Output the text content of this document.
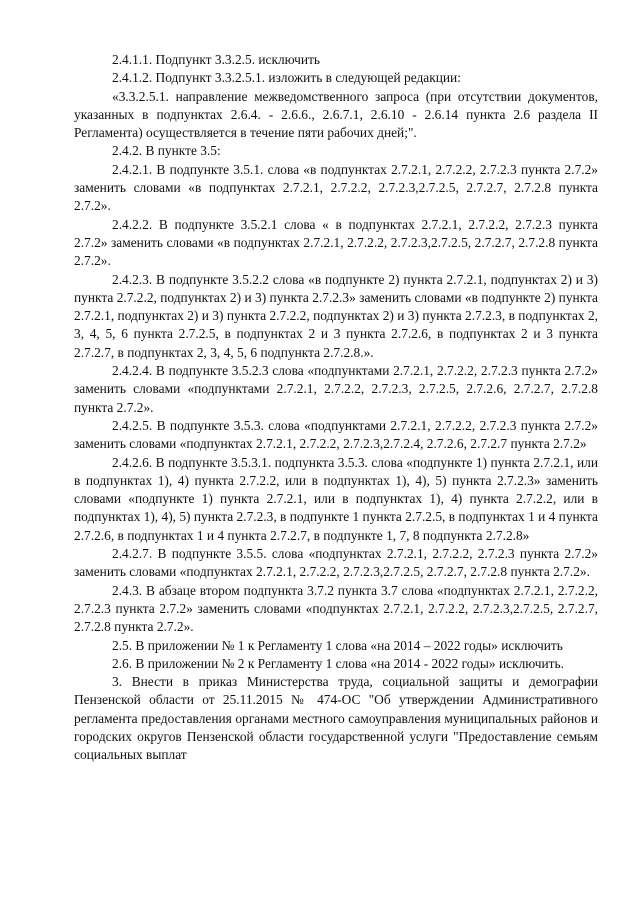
2.4.1.1. Подпункт 3.3.2.5. исключить

2.4.1.2. Подпункт 3.3.2.5.1. изложить в следующей редакции:

«3.3.2.5.1. направление межведомственного запроса (при отсутствии документов, указанных в подпунктах 2.6.4. - 2.6.6., 2.6.7.1, 2.6.10 - 2.6.14 пункта 2.6 раздела II Регламента) осуществляется в течение пяти рабочих дней;".

2.4.2. В пункте 3.5:

2.4.2.1. В подпункте 3.5.1. слова «в подпунктах 2.7.2.1, 2.7.2.2, 2.7.2.3 пункта 2.7.2» заменить словами «в подпунктах 2.7.2.1, 2.7.2.2, 2.7.2.3,2.7.2.5, 2.7.2.7, 2.7.2.8 пункта 2.7.2».

2.4.2.2. В подпункте 3.5.2.1 слова « в подпунктах 2.7.2.1, 2.7.2.2, 2.7.2.3 пункта 2.7.2» заменить словами «в подпунктах 2.7.2.1, 2.7.2.2, 2.7.2.3,2.7.2.5, 2.7.2.7, 2.7.2.8 пункта 2.7.2».

2.4.2.3. В подпункте 3.5.2.2 слова «в подпункте 2) пункта 2.7.2.1, подпунктах 2) и 3) пункта 2.7.2.2, подпунктах 2) и 3) пункта 2.7.2.3» заменить словами «в подпункте 2) пункта 2.7.2.1, подпунктах 2) и 3) пункта 2.7.2.2, подпунктах 2) и 3) пункта 2.7.2.3, в подпунктах 2, 3, 4, 5, 6 пункта 2.7.2.5, в подпунктах 2 и 3 пункта 2.7.2.6, в подпунктах 2 и 3 пункта 2.7.2.7, в подпунктах 2, 3, 4, 5, 6 подпункта 2.7.2.8.».

2.4.2.4. В подпункте 3.5.2.3 слова «подпунктами 2.7.2.1, 2.7.2.2, 2.7.2.3 пункта 2.7.2» заменить словами «подпунктами 2.7.2.1, 2.7.2.2, 2.7.2.3, 2.7.2.5, 2.7.2.6, 2.7.2.7, 2.7.2.8 пункта 2.7.2».

2.4.2.5. В подпункте 3.5.3. слова «подпунктами 2.7.2.1, 2.7.2.2, 2.7.2.3 пункта 2.7.2» заменить словами «подпунктах 2.7.2.1, 2.7.2.2, 2.7.2.3,2.7.2.4, 2.7.2.6, 2.7.2.7 пункта 2.7.2»

2.4.2.6. В подпункте 3.5.3.1. подпункта 3.5.3. слова «подпункте 1) пункта 2.7.2.1, или в подпунктах 1), 4) пункта 2.7.2.2, или в подпунктах 1), 4), 5) пункта 2.7.2.3» заменить словами «подпункте 1) пункта 2.7.2.1, или в подпунктах 1), 4) пункта 2.7.2.2, или в подпунктах 1), 4), 5) пункта 2.7.2.3, в подпункте 1 пункта 2.7.2.5, в подпунктах 1 и 4 пункта 2.7.2.6, в подпунктах 1 и 4 пункта 2.7.2.7, в подпункте 1, 7, 8 подпункта 2.7.2.8»

2.4.2.7. В подпункте 3.5.5. слова «подпунктах 2.7.2.1, 2.7.2.2, 2.7.2.3 пункта 2.7.2» заменить словами «подпунктах 2.7.2.1, 2.7.2.2, 2.7.2.3,2.7.2.5, 2.7.2.7, 2.7.2.8 пункта 2.7.2».

2.4.3. В абзаце втором подпункта 3.7.2 пункта 3.7 слова «подпунктах 2.7.2.1, 2.7.2.2, 2.7.2.3 пункта 2.7.2» заменить словами «подпунктах 2.7.2.1, 2.7.2.2, 2.7.2.3,2.7.2.5, 2.7.2.7, 2.7.2.8 пункта 2.7.2».

2.5. В приложении № 1 к Регламенту 1 слова «на 2014 – 2022 годы» исключить

2.6. В приложении № 2 к Регламенту 1 слова «на 2014 - 2022 годы» исключить.

3. Внести в приказ Министерства труда, социальной защиты и демографии Пензенской области от 25.11.2015 № 474-ОС "Об утверждении Административного регламента предоставления органами местного самоуправления муниципальных районов и городских округов Пензенской области государственной услуги "Предоставление семьям социальных выплат
